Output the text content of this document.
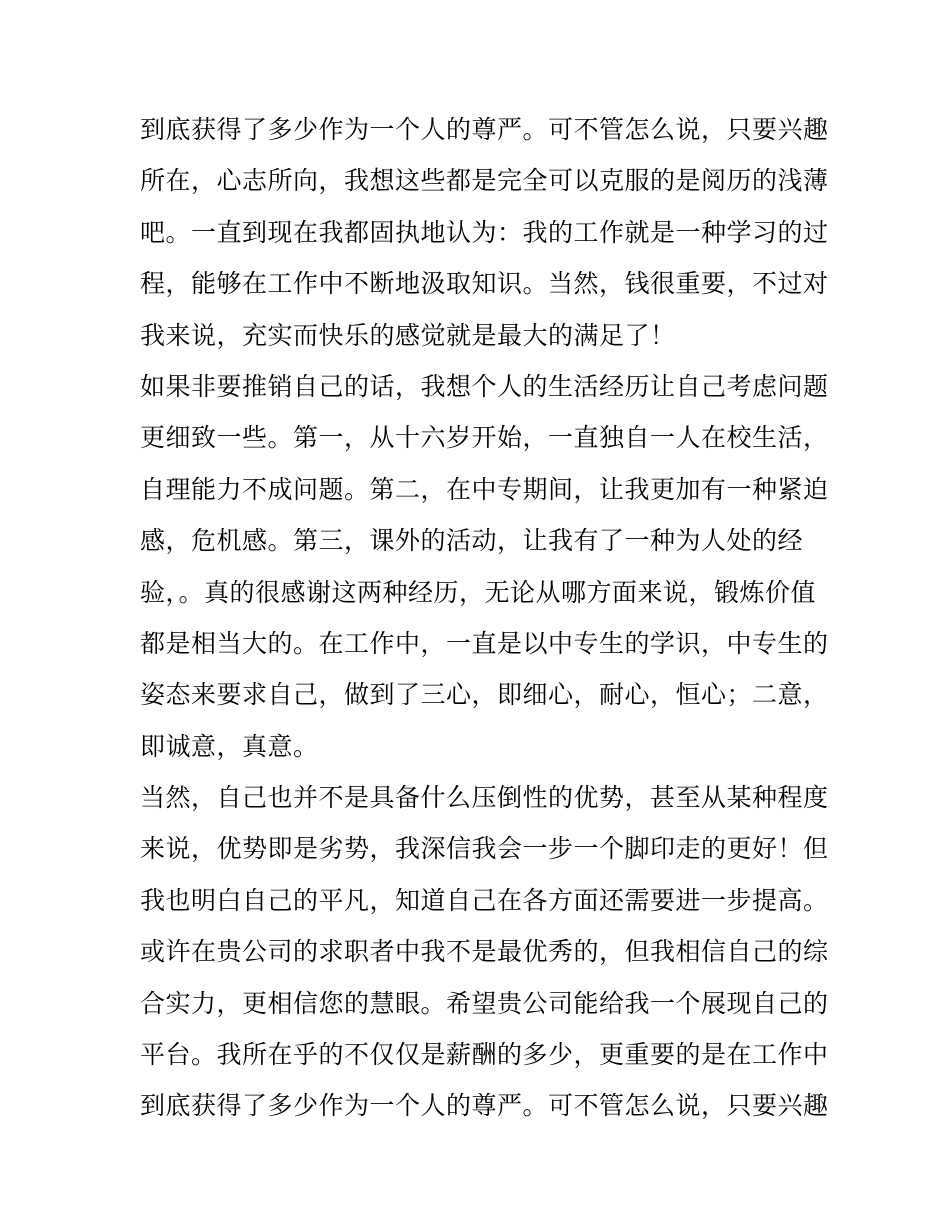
到底获得了多少作为一个人的尊严。可不管怎么说，只要兴趣
所在，心志所向，我想这些都是完全可以克服的是阅历的浅薄
吧。一直到现在我都固执地认为：我的工作就是一种学习的过
程，能够在工作中不断地汲取知识。当然，钱很重要，不过对
我来说，充实而快乐的感觉就是最大的满足了！
如果非要推销自己的话，我想个人的生活经历让自己考虑问题
更细致一些。第一，从十六岁开始，一直独自一人在校生活，
自理能力不成问题。第二，在中专期间，让我更加有一种紧迫
感，危机感。第三，课外的活动，让我有了一种为人处的经
验，。真的很感谢这两种经历，无论从哪方面来说，锻炼价值
都是相当大的。在工作中，一直是以中专生的学识，中专生的
姿态来要求自己，做到了三心，即细心，耐心，恒心；二意，
即诚意，真意。
当然，自己也并不是具备什么压倒性的优势，甚至从某种程度
来说，优势即是劣势，我深信我会一步一个脚印走的更好！但
我也明白自己的平凡，知道自己在各方面还需要进一步提高。
或许在贵公司的求职者中我不是最优秀的，但我相信自己的综
合实力，更相信您的慧眼。希望贵公司能给我一个展现自己的
平台。我所在乎的不仅仅是薪酬的多少，更重要的是在工作中
到底获得了多少作为一个人的尊严。可不管怎么说，只要兴趣
